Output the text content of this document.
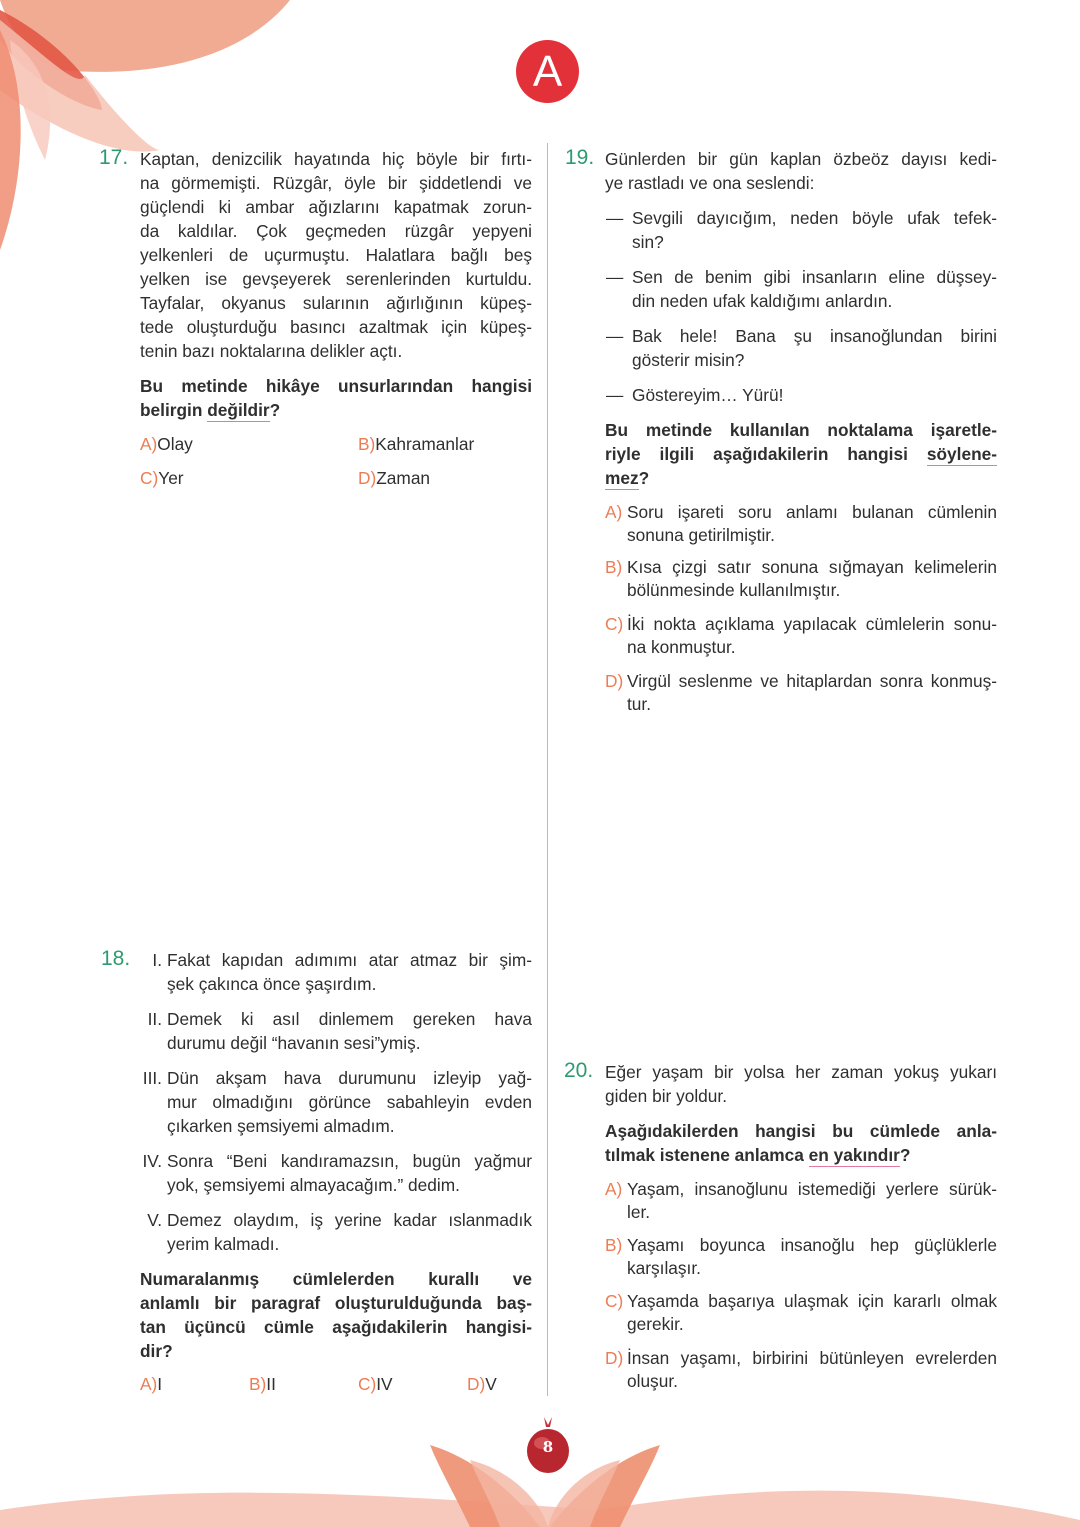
8
A
17. Kaptan, denizcilik hayatında hiç böyle bir fırtı-
na görmemişti. Rüzgâr, öyle bir şiddetlendi ve
güçlendi ki ambar ağızlarını kapatmak zorun-
da kaldılar. Çok geçmeden rüzgâr yepyeni
yelkenleri de uçurmuştu. Halatlara bağlı beş
yelken ise gevşeyerek serenlerinden kurtuldu.
Tayfalar, okyanus sularının ağırlığının küpeş-
tede oluşturduğu basıncı azaltmak için küpeş-
tenin bazı noktalarına delikler açtı.
Bu metinde hikâye unsurlarından hangisi
belirgin değildir?
A)Olay	B)Kahramanlar
C)Yer	D)Zaman
18.	I. Fakat kapıdan adımımı atar atmaz bir şim-
şek çakınca önce şaşırdım.
II. Demek ki asıl dinlemem gereken hava
durumu değil “havanın sesi”ymiş.
III. Dün akşam hava durumunu izleyip yağ-
mur olmadığını görünce sabahleyin evden
çıkarken şemsiyemi almadım.
IV. Sonra “Beni kandıramazsın, bugün yağmur
yok, şemsiyemi almayacağım.” dedim.
V. Demez olaydım, iş yerine kadar ıslanmadık
yerim kalmadı.
Numaralanmış cümlelerden kurallı ve
anlamlı bir paragraf oluşturulduğunda baş-
tan üçüncü cümle aşağıdakilerin hangisi-
dir?
A)I	B)II	C)IV	D)V
19. Günlerden bir gün kaplan özbeöz dayısı kedi-
ye rastladı ve ona seslendi:
— Sevgili dayıcığım, neden böyle ufak tefek-
sin?
— Sen de benim gibi insanların eline düşsey-
din neden ufak kaldığımı anlardın.
— Bak hele! Bana şu insanoğlundan birini
gösterir misin?
— Göstereyim… Yürü!
Bu metinde kullanılan noktalama işaretle-
riyle ilgili aşağıdakilerin hangisi söylene-
mez?
A) Soru işareti soru anlamı bulanan cümlenin
sonuna getirilmiştir.
B) Kısa çizgi satır sonuna sığmayan kelimelerin
bölünmesinde kullanılmıştır.
C) İki nokta açıklama yapılacak cümlelerin sonu-
na konmuştur.
D) Virgül seslenme ve hitaplardan sonra konmuş-
tur.
20. Eğer yaşam bir yolsa her zaman yokuş yukarı
giden bir yoldur.
Aşağıdakilerden hangisi bu cümlede anla-
tılmak istenene anlamca en yakındır?
A) Yaşam, insanoğlunu istemediği yerlere sürük-
ler.
B) Yaşamı boyunca insanoğlu hep güçlüklerle
karşılaşır.
C) Yaşamda başarıya ulaşmak için kararlı olmak
gerekir.
D) İnsan yaşamı, birbirini bütünleyen evrelerden
oluşur.
